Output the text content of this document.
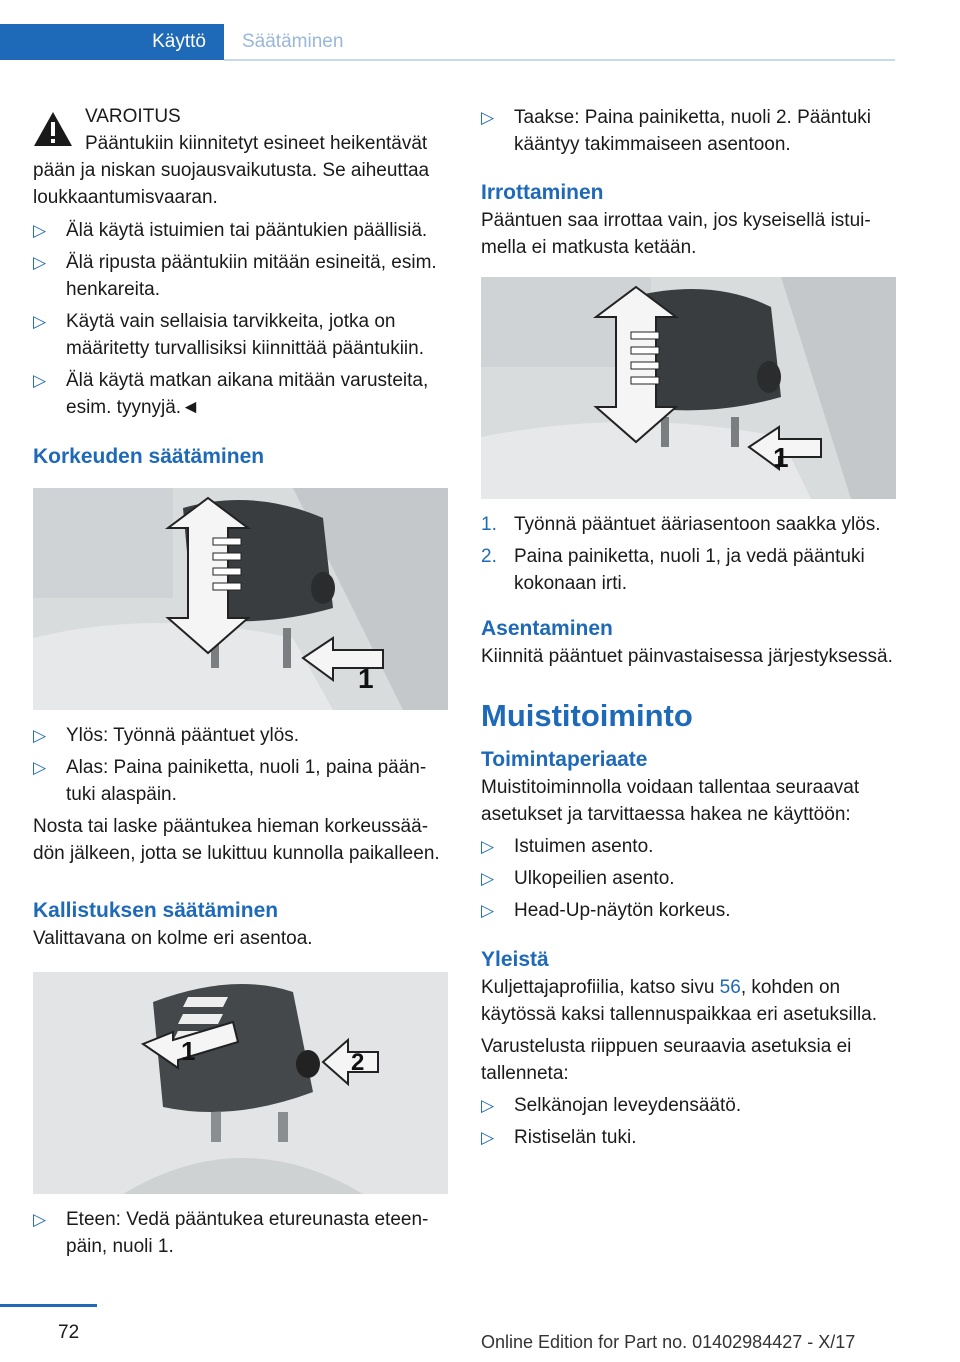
Käyttö	Säätäminen
VAROITUS

Pääntukiin kiinnitetyt esineet heikentävät pään ja niskan suojausvaikutusta. Se aiheuttaa loukkaantumisvaaran.

▷ Älä käytä istuimien tai pääntukien päällisiä.
▷ Älä ripusta pääntukiin mitään esineitä, esim. henkareita.
▷ Käytä vain sellaisia tarvikkeita, jotka on määritetty turvallisiksi kiinnittää pääntukiin.
▷ Älä käytä matkan aikana mitään varusteita, esim. tyynyjä.◄
Korkeuden säätäminen
1
▷ Ylös: Työnnä pääntuet ylös.
▷ Alas: Paina painiketta, nuoli 1, paina pääntuki alaspäin.

Nosta tai laske pääntukea hieman korkeussäädön jälkeen, jotta se lukittuu kunnolla paikalleen.

Kallistuksen säätäminen

Valittavana on kolme eri asentoa.

1	2
▷ Eteen: Vedä pääntukea etureunasta eteenpäin, nuoli 1.
▷ Taakse: Paina painiketta, nuoli 2. Pääntuki kääntyy takimmaiseen asentoon.
Irrottaminen

Pääntuen saa irrottaa vain, jos kyseisellä istuimella ei matkusta ketään.

1
1. Työnnä pääntuet ääriasentoon saakka ylös.
2. Paina painiketta, nuoli 1, ja vedä pääntuki kokonaan irti.
Asentaminen

Kiinnitä pääntuet päinvastaisessa järjestyksessä.

Muistitoiminto
Toimintaperiaate

Muistitoiminnolla voidaan tallentaa seuraavat asetukset ja tarvittaessa hakea ne käyttöön:

▷ Istuimen asento.
▷ Ulkopeilien asento.
▷ Head-Up-näytön korkeus.
Yleistä

Kuljettajaprofiilia, katso sivu 56, kohden on käytössä kaksi tallennuspaikkaa eri asetuksilla.

Varustelusta riippuen seuraavia asetuksia ei tallenneta:

▷ Selkänojan leveydensäätö.
▷ Ristiselän tuki.
72	Online Edition for Part no. 01402984427 - X/17
